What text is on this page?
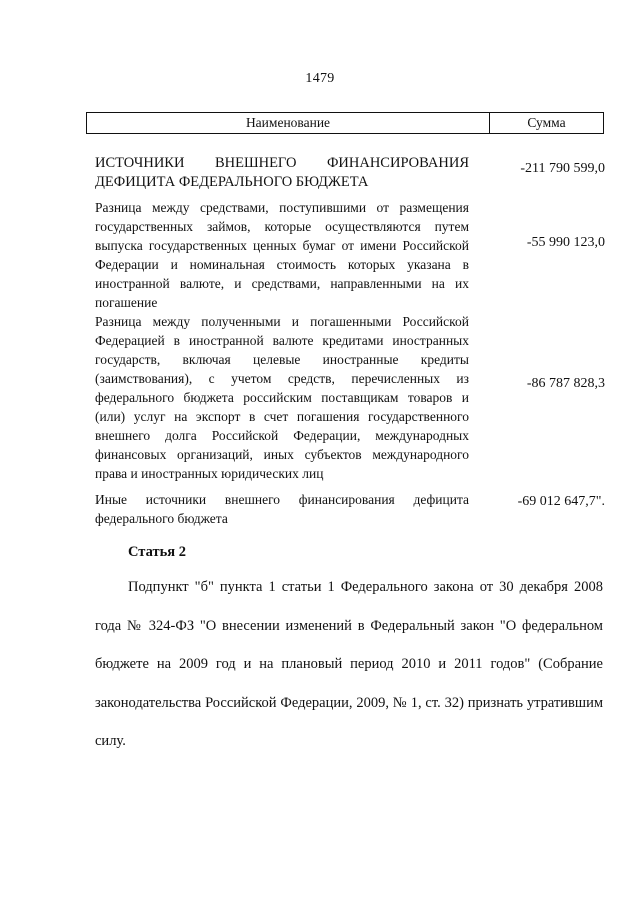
1479
Наименование	Сумма
ИСТОЧНИКИ ВНЕШНЕГО ФИНАНСИРОВАНИЯ ДЕФИЦИТА ФЕДЕРАЛЬНОГО БЮДЖЕТА
-211 790 599,0
Разница между средствами, поступившими от размещения государственных займов, которые осуществляются путем выпуска государственных ценных бумаг от имени Российской Федерации и номинальная стоимость которых указана в иностранной валюте, и средствами, направленными на их погашение
-55 990 123,0
Разница между полученными и погашенными Российской Федерацией в иностранной валюте кредитами иностранных государств, включая целевые иностранные кредиты (заимствования), с учетом средств, перечисленных из федерального бюджета российским поставщикам товаров и (или) услуг на экспорт в счет погашения государственного внешнего долга Российской Федерации, международных финансовых организаций, иных субъектов международного права и иностранных юридических лиц
-86 787 828,3
Иные источники внешнего финансирования дефицита федерального бюджета
-69 012 647,7".
Статья 2

Подпункт "б" пункта 1 статьи 1 Федерального закона от 30 декабря 2008 года № 324-ФЗ "О внесении изменений в Федеральный закон "О федеральном бюджете на 2009 год и на плановый период 2010 и 2011 годов" (Собрание законодательства Российской Федерации, 2009, № 1, ст. 32) признать утратившим силу.
